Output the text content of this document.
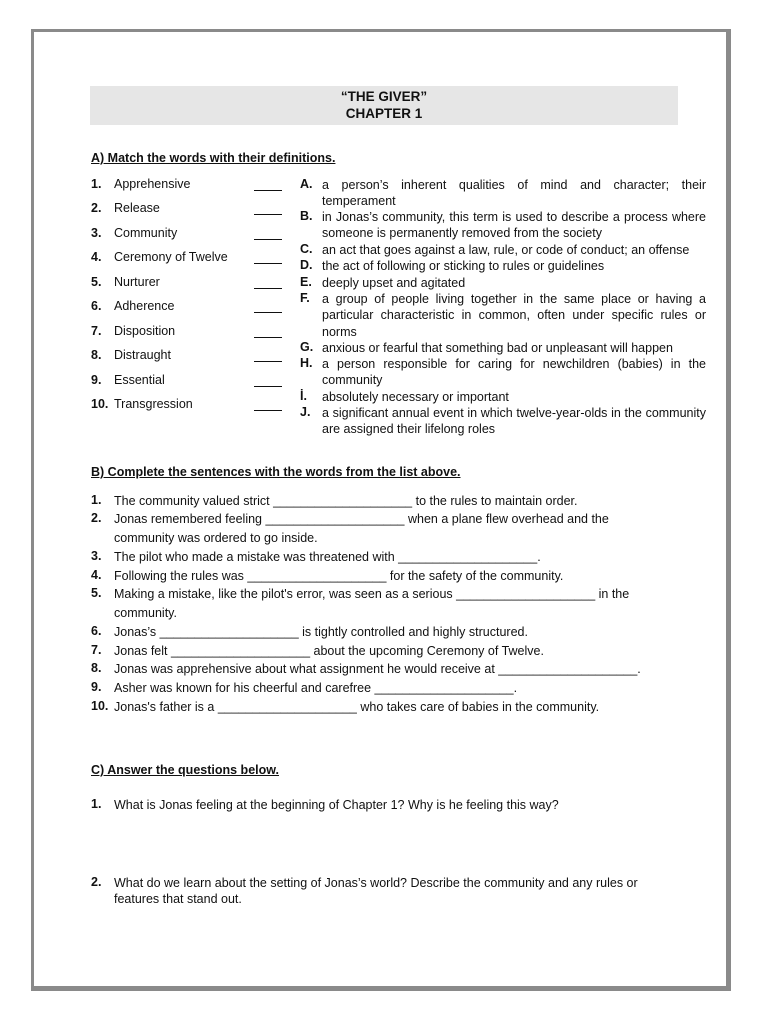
“THE GIVER”
CHAPTER 1
A) Match the words with their definitions.
1.	Apprehensive
2.	Release
3.	Community
4.	Ceremony of Twelve
5.	Nurturer
6.	Adherence
7.	Disposition
8.	Distraught
9.	Essential
10. Transgression
A. a person’s inherent qualities of mind and character; their temperament
B. in Jonas’s community, this term is used to describe a process where someone is permanently removed from the society
C. an act that goes against a law, rule, or code of conduct; an offense
D. the act of following or sticking to rules or guidelines
E. deeply upset and agitated
F. a group of people living together in the same place or having a particular characteristic in common, often under specific rules or norms
G. anxious or fearful that something bad or unpleasant will happen
H. a person responsible for caring for newchildren (babies) in the community
İ. absolutely necessary or important
J. a significant annual event in which twelve-year-olds in the community are assigned their lifelong roles
B) Complete the sentences with the words from the list above.
1.	The community valued strict ____________________ to the rules to maintain order.
2.	Jonas remembered feeling ____________________ when a plane flew overhead and the
community was ordered to go inside.
3.	The pilot who made a mistake was threatened with ____________________.
4.	Following the rules was ____________________ for the safety of the community.
5.	Making a mistake, like the pilot's error, was seen as a serious ____________________ in the
community.
6.	Jonas’s ____________________ is tightly controlled and highly structured.
7.	Jonas felt ____________________ about the upcoming Ceremony of Twelve.
8.	Jonas was apprehensive about what assignment he would receive at ____________________.
9.	Asher was known for his cheerful and carefree ____________________.
10. Jonas's father is a ____________________ who takes care of babies in the community.
C) Answer the questions below.
1.	What is Jonas feeling at the beginning of Chapter 1? Why is he feeling this way?
2.	What do we learn about the setting of Jonas’s world? Describe the community and any rules or
features that stand out.
